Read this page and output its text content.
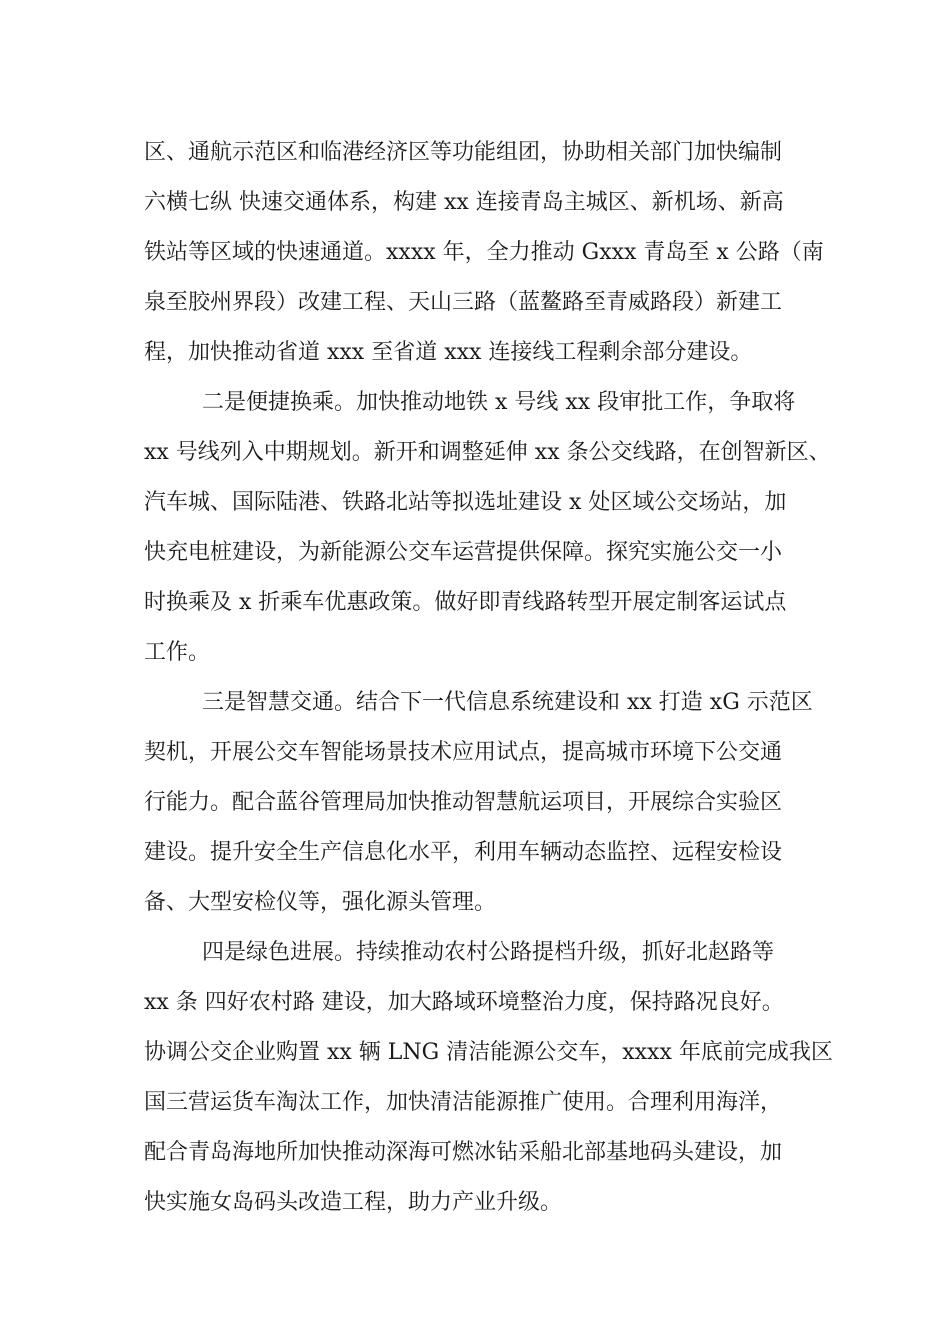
区、通航示范区和临港经济区等功能组团，协助相关部门加快编制
六横七纵 快速交通体系，构建 xx 连接青岛主城区、新机场、新高
铁站等区域的快速通道。xxxx 年，全力推动 Gxxx 青岛至 x 公路（南
泉至胶州界段）改建工程、天山三路（蓝鳌路至青威路段）新建工
程，加快推动省道 xxx 至省道 xxx 连接线工程剩余部分建设。
二是便捷换乘。加快推动地铁 x 号线 xx 段审批工作，争取将
xx 号线列入中期规划。新开和调整延伸 xx 条公交线路，在创智新区、
汽车城、国际陆港、铁路北站等拟选址建设 x 处区域公交场站，加
快充电桩建设，为新能源公交车运营提供保障。探究实施公交一小
时换乘及 x 折乘车优惠政策。做好即青线路转型开展定制客运试点
工作。
三是智慧交通。结合下一代信息系统建设和 xx 打造 xG 示范区
契机，开展公交车智能场景技术应用试点，提高城市环境下公交通
行能力。配合蓝谷管理局加快推动智慧航运项目，开展综合实验区
建设。提升安全生产信息化水平，利用车辆动态监控、远程安检设
备、大型安检仪等，强化源头管理。
四是绿色进展。持续推动农村公路提档升级，抓好北赵路等
xx 条 四好农村路 建设，加大路域环境整治力度，保持路况良好。
协调公交企业购置 xx 辆 LNG 清洁能源公交车，xxxx 年底前完成我区
国三营运货车淘汰工作，加快清洁能源推广使用。合理利用海洋，
配合青岛海地所加快推动深海可燃冰钻采船北部基地码头建设，加
快实施女岛码头改造工程，助力产业升级。
